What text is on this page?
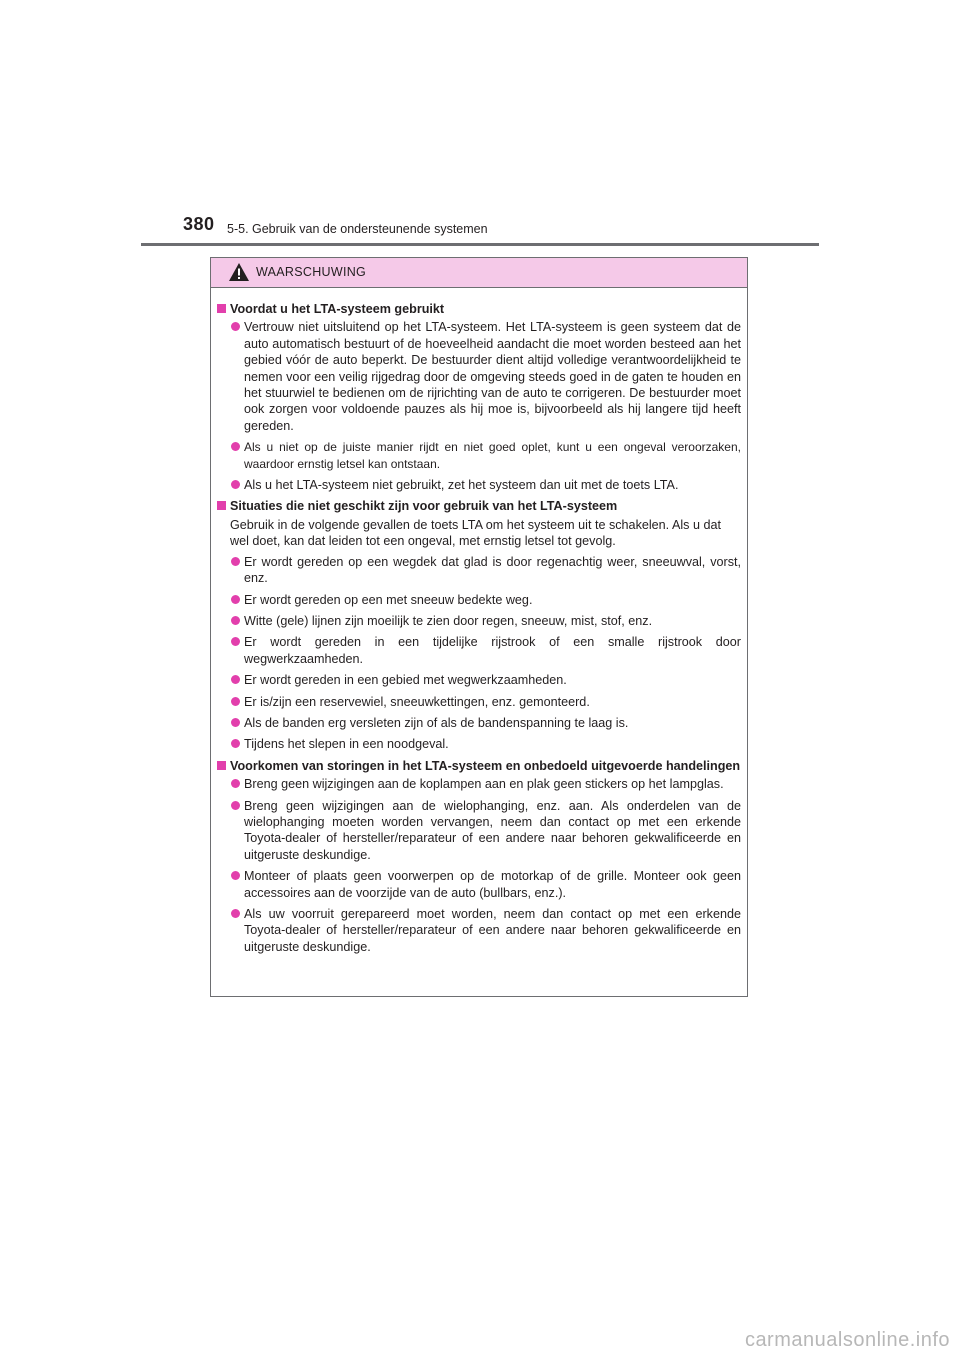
380 5-5. Gebruik van de ondersteunende systemen
WAARSCHUWING
Voordat u het LTA-systeem gebruikt
Vertrouw niet uitsluitend op het LTA-systeem. Het LTA-systeem is geen systeem dat de auto automatisch bestuurt of de hoeveelheid aandacht die moet worden besteed aan het gebied vóór de auto beperkt. De bestuurder dient altijd volledige verantwoordelijkheid te nemen voor een veilig rijgedrag door de omgeving steeds goed in de gaten te houden en het stuurwiel te bedienen om de rijrichting van de auto te corrigeren. De bestuurder moet ook zorgen voor voldoende pauzes als hij moe is, bijvoorbeeld als hij langere tijd heeft gereden.
Als u niet op de juiste manier rijdt en niet goed oplet, kunt u een ongeval veroorzaken, waardoor ernstig letsel kan ontstaan.
Als u het LTA-systeem niet gebruikt, zet het systeem dan uit met de toets LTA.
Situaties die niet geschikt zijn voor gebruik van het LTA-systeem
Gebruik in de volgende gevallen de toets LTA om het systeem uit te schakelen. Als u dat wel doet, kan dat leiden tot een ongeval, met ernstig letsel tot gevolg.
Er wordt gereden op een wegdek dat glad is door regenachtig weer, sneeuwval, vorst, enz.
Er wordt gereden op een met sneeuw bedekte weg.
Witte (gele) lijnen zijn moeilijk te zien door regen, sneeuw, mist, stof, enz.
Er wordt gereden in een tijdelijke rijstrook of een smalle rijstrook door wegwerkzaamheden.
Er wordt gereden in een gebied met wegwerkzaamheden.
Er is/zijn een reservewiel, sneeuwkettingen, enz. gemonteerd.
Als de banden erg versleten zijn of als de bandenspanning te laag is.
Tijdens het slepen in een noodgeval.
Voorkomen van storingen in het LTA-systeem en onbedoeld uitgevoerde handelingen
Breng geen wijzigingen aan de koplampen aan en plak geen stickers op het lampglas.
Breng geen wijzigingen aan de wielophanging, enz. aan. Als onderdelen van de wielophanging moeten worden vervangen, neem dan contact op met een erkende Toyota-dealer of hersteller/reparateur of een andere naar behoren gekwalificeerde en uitgeruste deskundige.
Monteer of plaats geen voorwerpen op de motorkap of de grille. Monteer ook geen accessoires aan de voorzijde van de auto (bullbars, enz.).
Als uw voorruit gerepareerd moet worden, neem dan contact op met een erkende Toyota-dealer of hersteller/reparateur of een andere naar behoren gekwalificeerde en uitgeruste deskundige.
carmanualsonline.info
